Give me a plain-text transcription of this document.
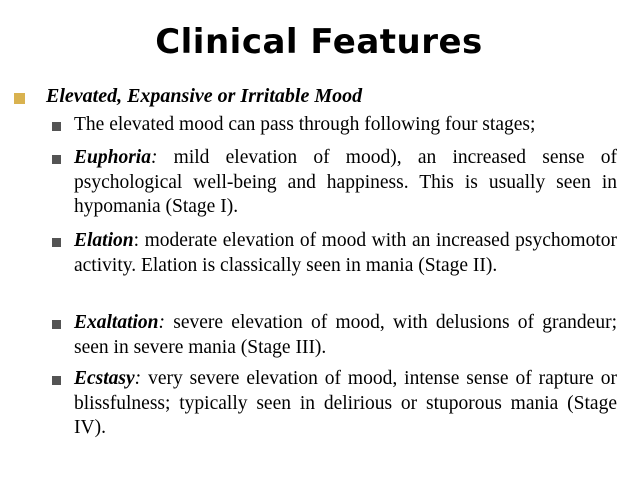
Clinical Features
Elevated, Expansive or Irritable Mood
The elevated mood can pass through following four stages;
Euphoria: mild elevation of mood), an increased sense of psychological well-being and happiness. This is usually seen in hypomania (Stage I).
Elation: moderate elevation of mood with an increased psychomotor activity. Elation is classically seen in mania (Stage II).
Exaltation: severe elevation of mood, with delusions of grandeur; seen in severe mania (Stage III).
Ecstasy: very severe elevation of mood, intense sense of rapture or blissfulness; typically seen in delirious or stuporous mania (Stage IV).
